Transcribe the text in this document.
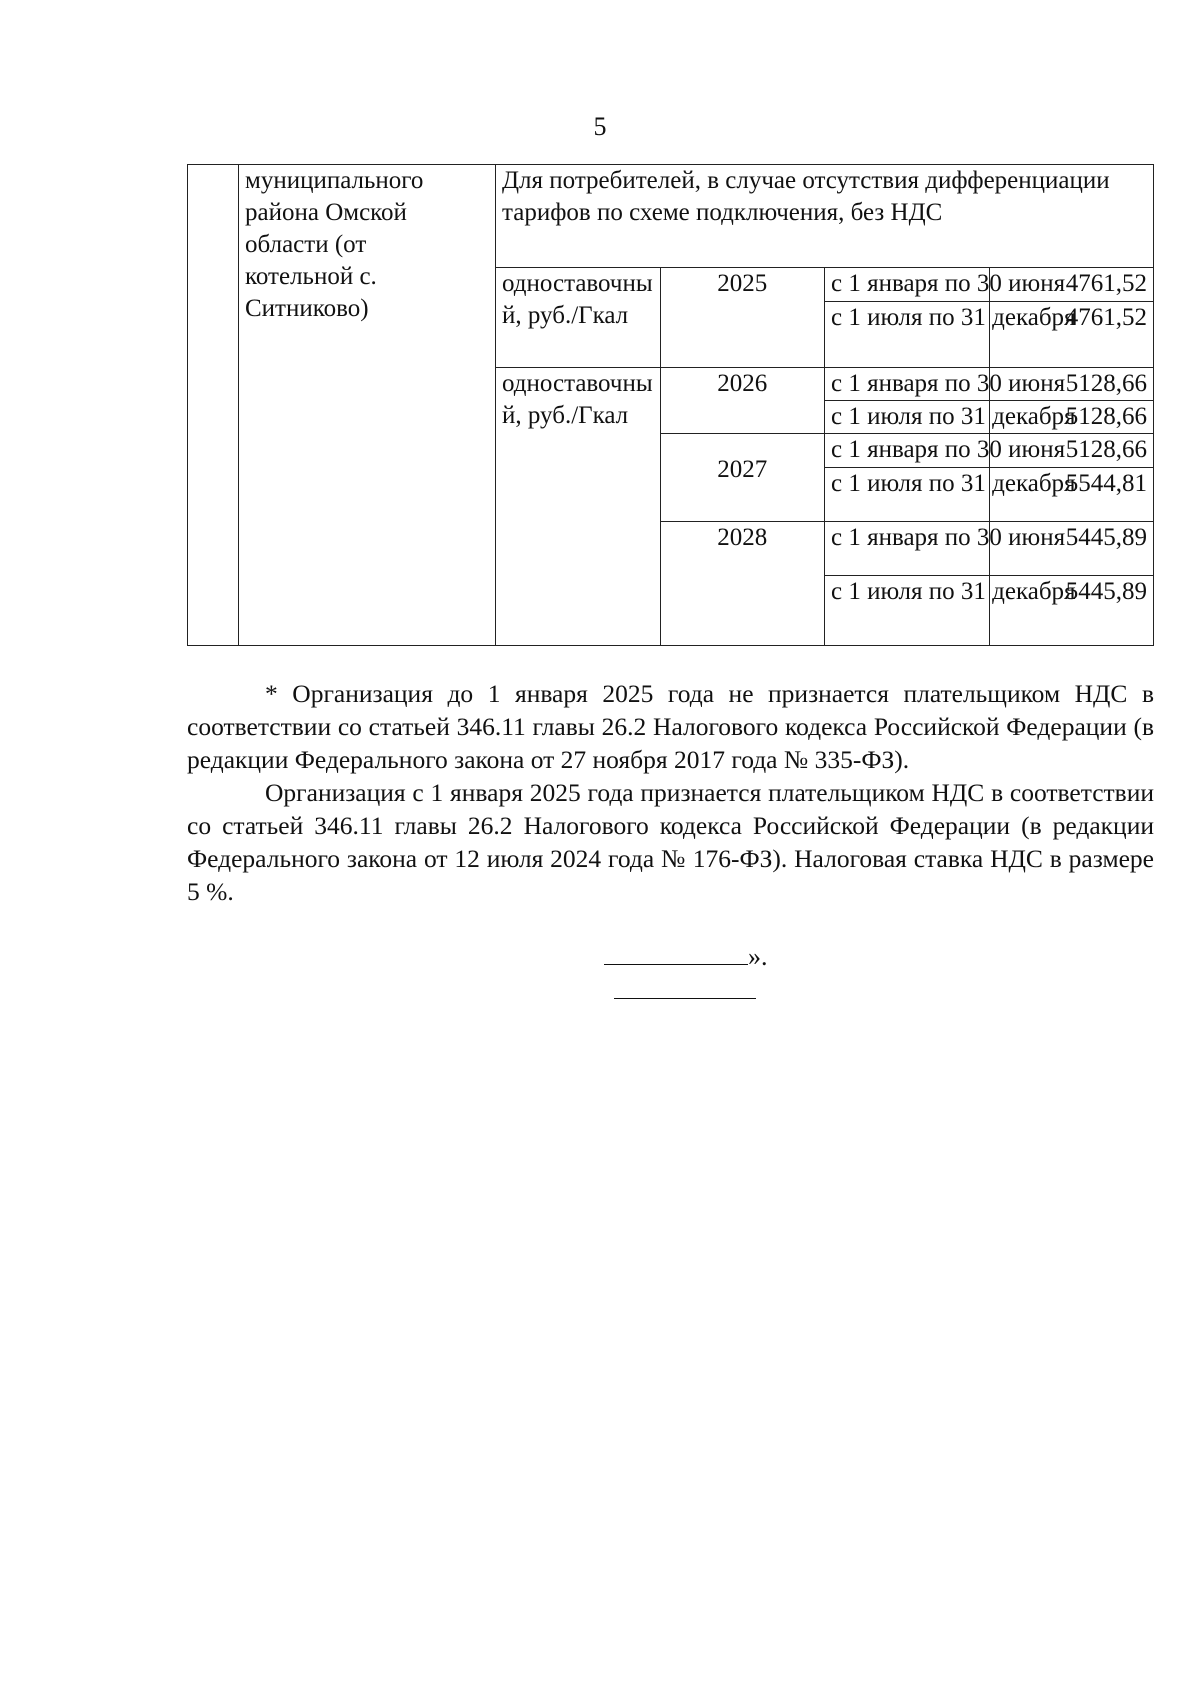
5
	муниципального района Омской области (от котельной с. Ситниково)	Для потребителей, в случае отсутствия дифференциации тарифов по схеме подключения, без НДС			
		одноставочный, руб./Гкал	2025	с 1 января по 30 июня	4761,52
				с 1 июля по 31 декабря	4761,52
		одноставочный, руб./Гкал	2026	с 1 января по 30 июня	5128,66
				с 1 июля по 31 декабря	5128,66
			2027	с 1 января по 30 июня	5128,66
				с 1 июля по 31 декабря	5544,81
			2028	с 1 января по 30 июня	5445,89
				с 1 июля по 31 декабря	5445,89

* Организация до 1 января 2025 года не признается плательщиком НДС в соответствии со статьей 346.11 главы 26.2 Налогового кодекса Российской Федерации (в редакции Федерального закона от 27 ноября 2017 года № 335-ФЗ).

Организация с 1 января 2025 года признается плательщиком НДС в соответствии со статьей 346.11 главы 26.2 Налогового кодекса Российской Федерации (в редакции Федерального закона от 12 июля 2024 года № 176-ФЗ). Налоговая ставка НДС в размере 5 %.

».
